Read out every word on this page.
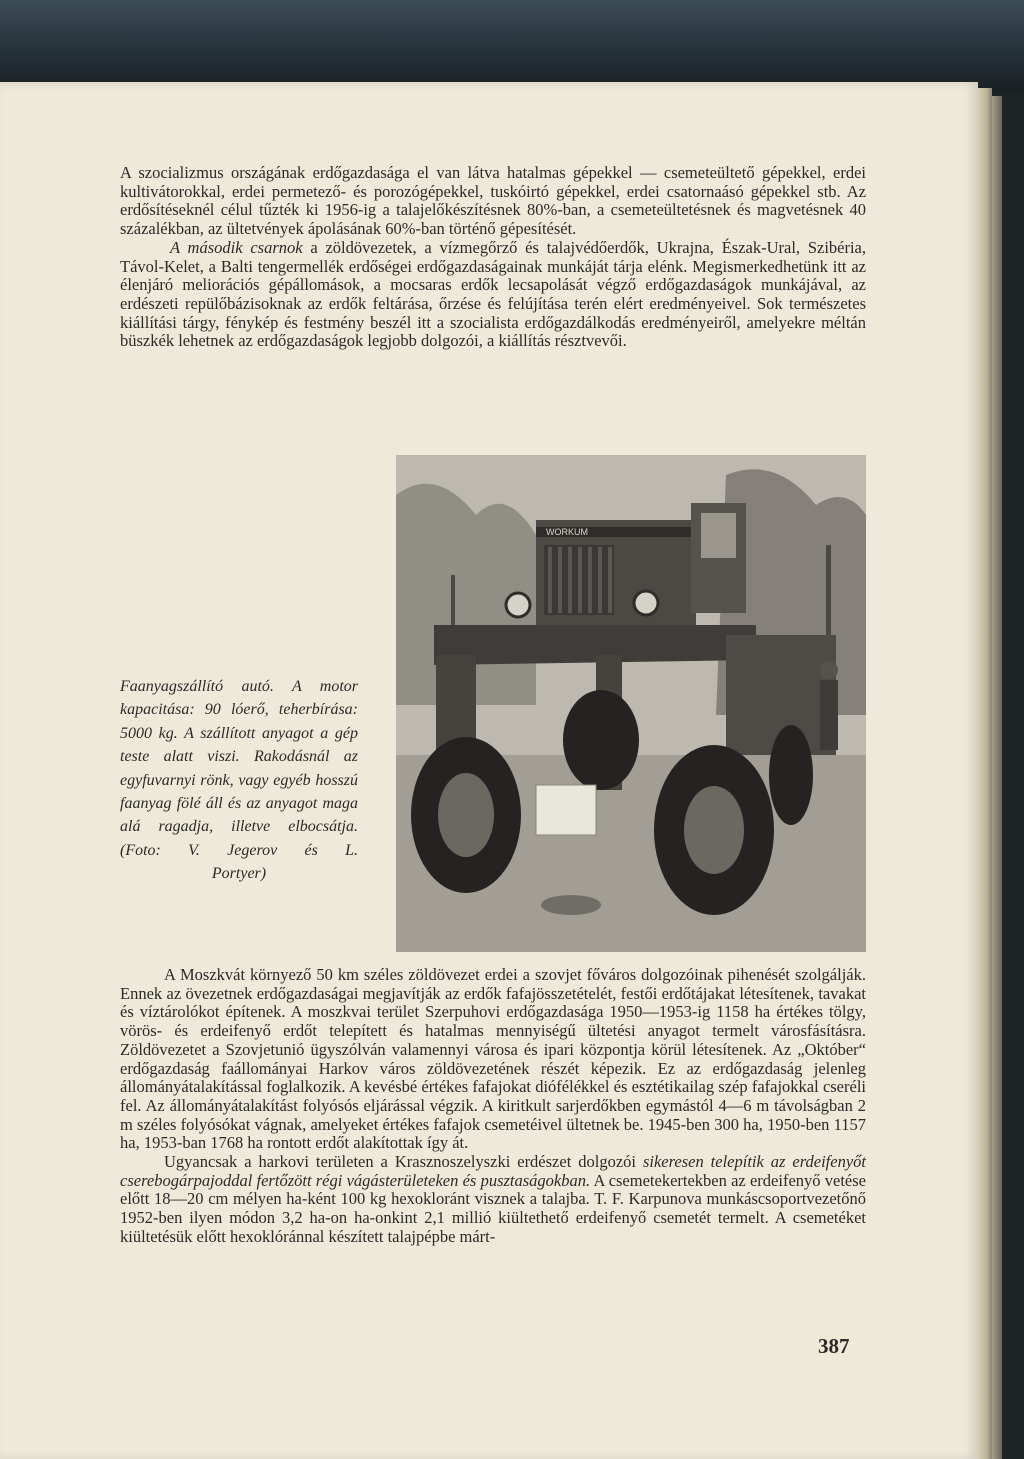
A szocializmus országának erdőgazdasága el van látva hatalmas gépekkel — csemeteültető gépekkel, erdei kultivátorokkal, erdei permetező- és porozógépekkel, tuskóirtó gépekkel, erdei csatornaásó gépekkel stb. Az erdősítéseknél célul tűzték ki 1956-ig a talajelőkészítésnek 80%-ban, a csemeteültetésnek és magvetésnek 40 százalékban, az ültetvények ápolásának 60%-ban történő gépesítését.

A második csarnok a zöldövezetek, a vízmegőrző és talajvédőerdők, Ukrajna, Észak-Ural, Szibéria, Távol-Kelet, a Balti tengermellék erdőségei erdőgazdaságainak munkáját tárja elénk. Megismerkedhetünk itt az élenjáró meliorációs gépállomások, a mocsaras erdők lecsapolását végző erdőgazdaságok munkájával, az erdészeti repülőbázisoknak az erdők feltárása, őrzése és felújítása terén elért eredményeivel. Sok természetes kiállítási tárgy, fénykép és festmény beszél itt a szocialista erdőgazdálkodás eredményeiről, amelyekre méltán büszkék lehetnek az erdőgazdaságok legjobb dolgozói, a kiállítás résztvevői.

WORKUM
Faanyagszállító autó. A motor kapacitása: 90 lóerő, teherbírása: 5000 kg. A szállított anyagot a gép teste alatt viszi. Rakodásnál az egyfuvarnyi rönk, vagy egyéb hosszú faanyag fölé áll és az anyagot maga alá ragadja, illetve elbocsátja. (Foto: V. Jegerov és L.
Portyer)

A Moszkvát környező 50 km széles zöldövezet erdei a szovjet főváros dolgozóinak pihenését szolgálják. Ennek az övezetnek erdőgazdaságai megjavítják az erdők fafajösszetételét, festői erdőtájakat létesítenek, tavakat és víztárolókot építenek. A moszkvai terület Szerpuhovi erdőgazdasága 1950—1953-ig 1158 ha értékes tölgy, vörös- és erdeifenyő erdőt telepített és hatalmas mennyiségű ültetési anyagot termelt városfásításra. Zöldövezetet a Szovjetunió ügyszólván valamennyi városa és ipari központja körül létesítenek. Az „Október“ erdőgazdaság faállományai Harkov város zöldövezetének részét képezik. Ez az erdőgazdaság jelenleg állományátalakítással foglalkozik. A kevésbé értékes fafajokat diófélékkel és esztétikailag szép fafajokkal cseréli fel. Az állományátalakítást folyósós eljárással végzik. A kiritkult sarjerdőkben egymástól 4—6 m távolságban 2 m széles folyósókat vágnak, amelyeket értékes fafajok csemetéivel ültetnek be. 1945-ben 300 ha, 1950-ben 1157 ha, 1953-ban 1768 ha rontott erdőt alakítottak így át.

Ugyancsak a harkovi területen a Krasznoszelyszki erdészet dolgozói sikeresen telepítik az erdeifenyőt cserebogárpajoddal fertőzött régi vágásterületeken és pusztaságokban. A csemetekertekben az erdeifenyő vetése előtt 18—20 cm mélyen ha-ként 100 kg hexokloránt visznek a talajba. T. F. Karpunova munkáscsoportvezetőnő 1952-ben ilyen módon 3,2 ha-on ha-onkint 2,1 millió kiültethető erdeifenyő csemetét termelt. A csemetéket kiültetésük előtt hexoklóránnal készített talajpépbe márt-

387
